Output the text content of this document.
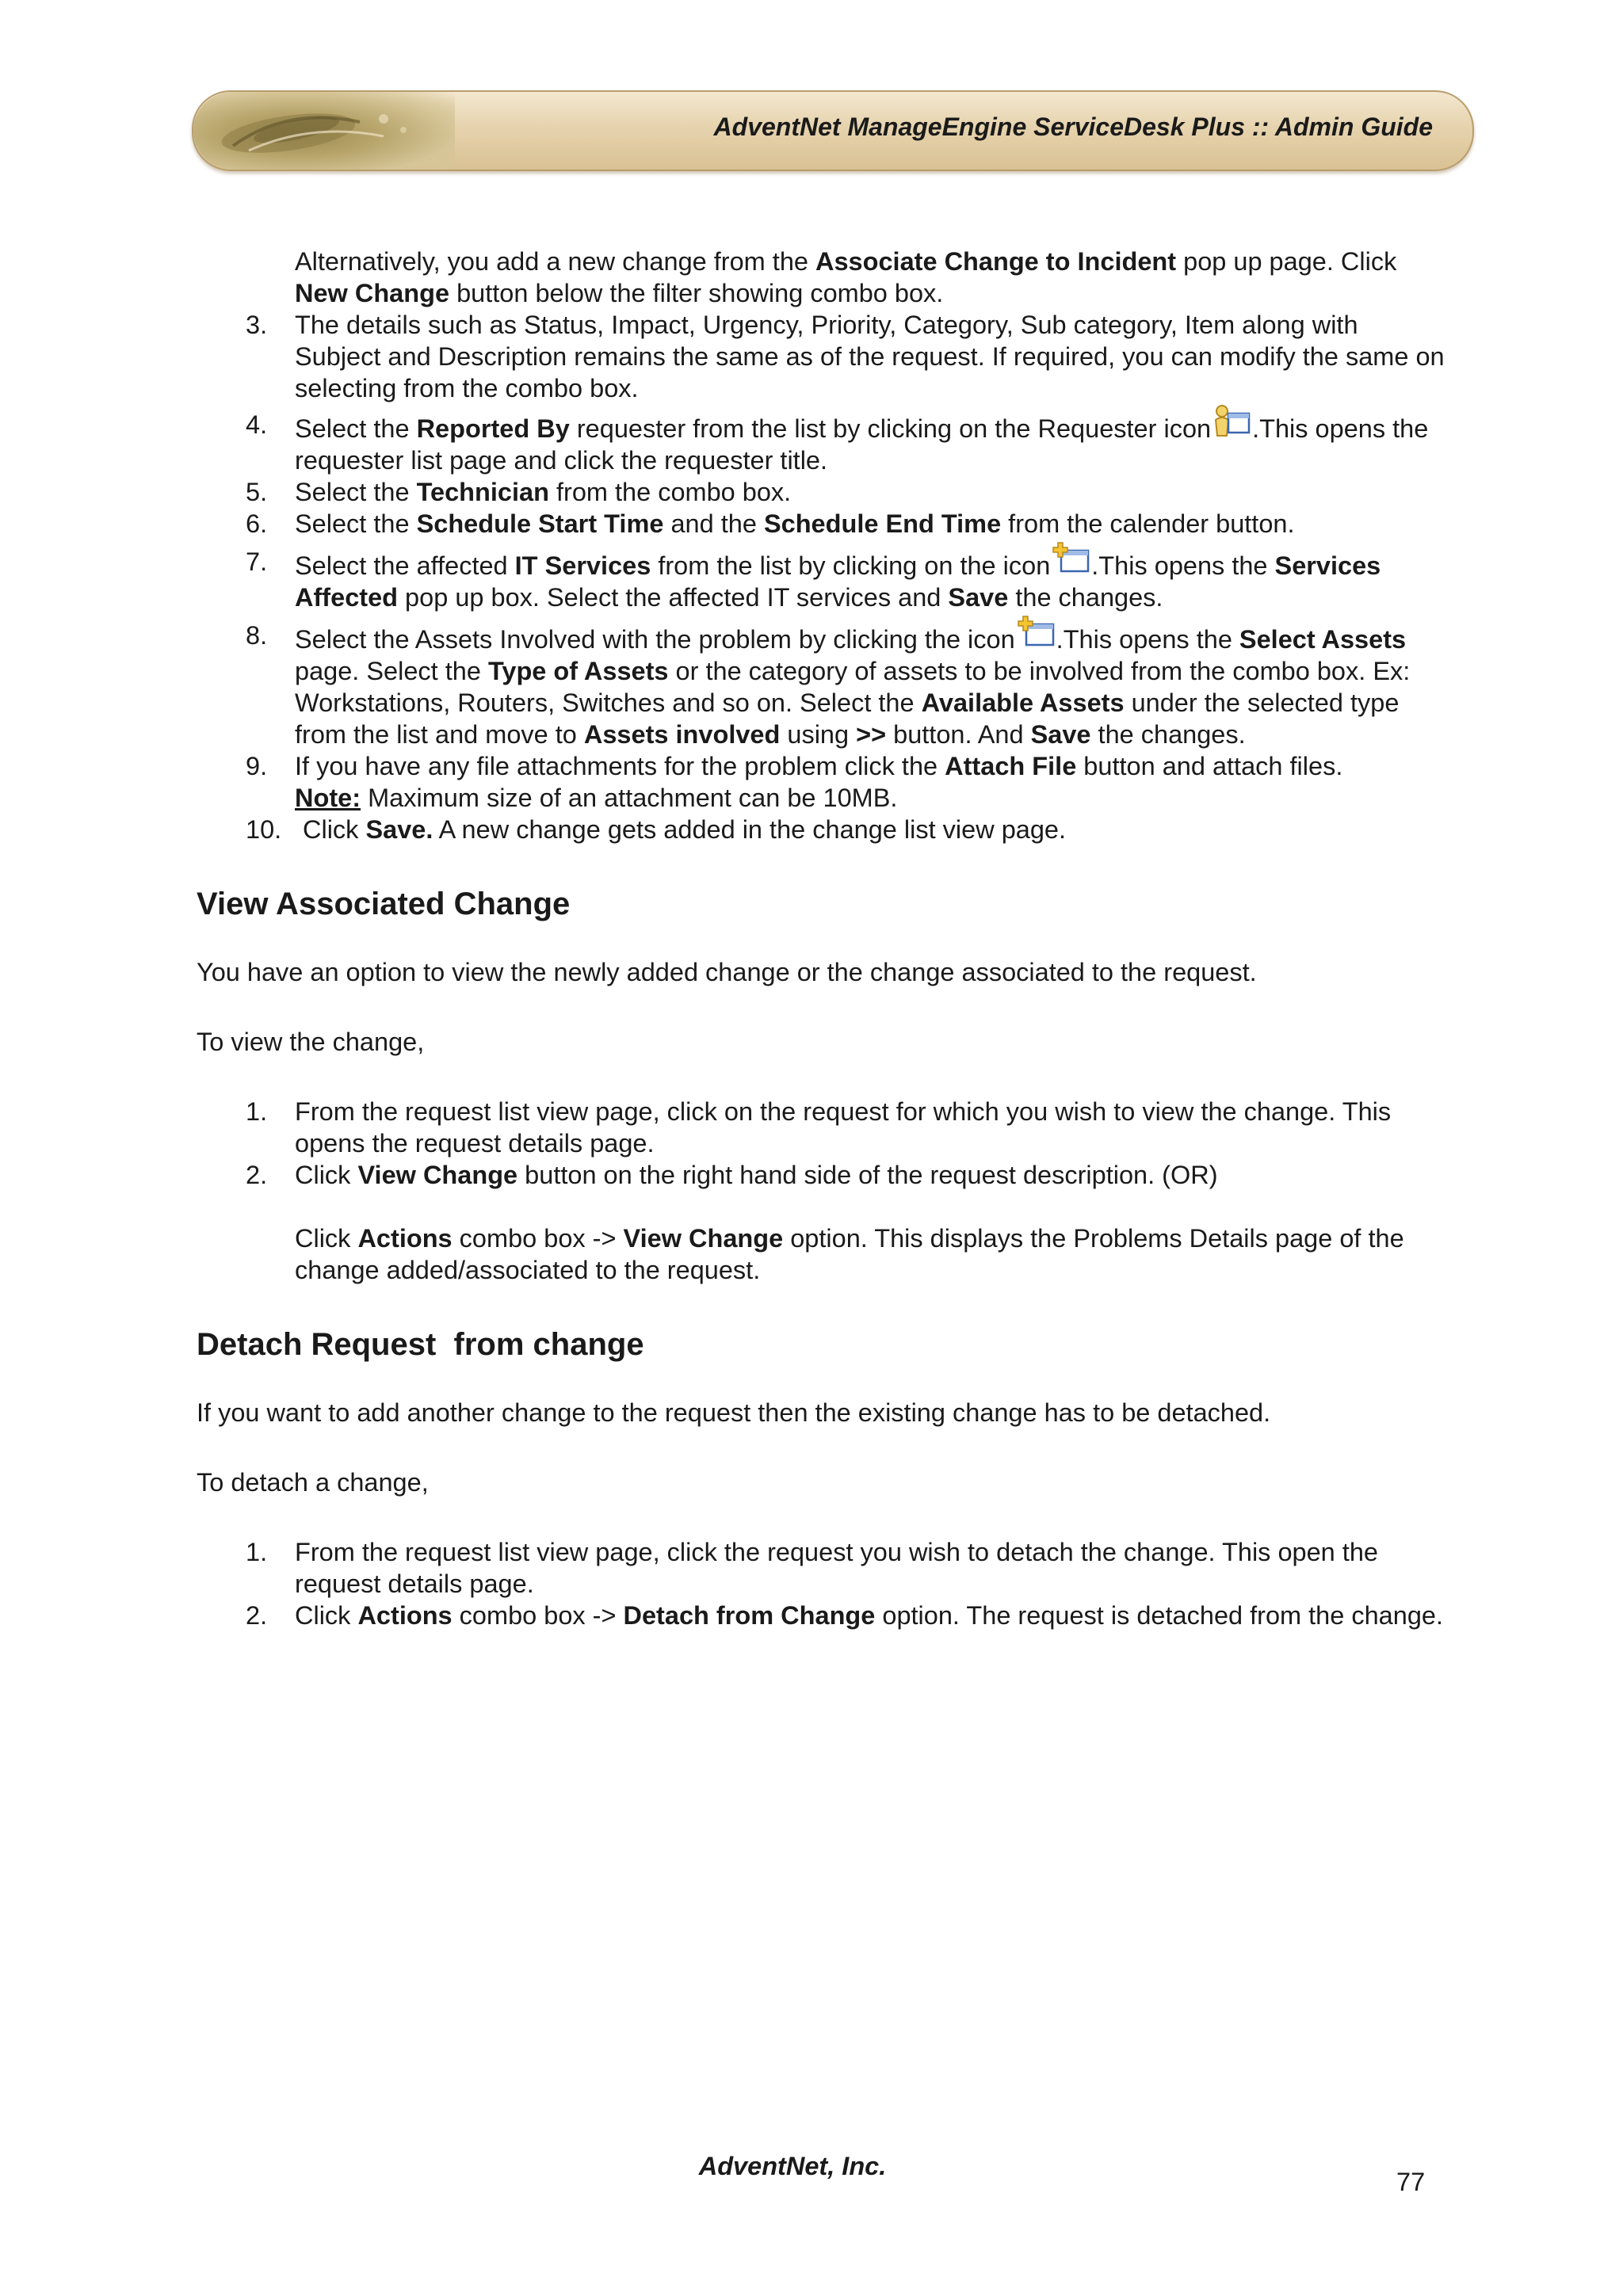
AdventNet ManageEngine ServiceDesk Plus :: Admin Guide
Alternatively, you add a new change from the Associate Change to Incident pop up page. Click New Change button below the filter showing combo box.
3. The details such as Status, Impact, Urgency, Priority, Category, Sub category, Item along with Subject and Description remains the same as of the request. If required, you can modify the same on selecting from the combo box.
4. Select the Reported By requester from the list by clicking on the Requester icon .This opens the requester list page and click the requester title.
5. Select the Technician from the combo box.
6. Select the Schedule Start Time and the Schedule End Time from the calender button.
7. Select the affected IT Services from the list by clicking on the icon .This opens the Services Affected pop up box. Select the affected IT services and Save the changes.
8. Select the Assets Involved with the problem by clicking the icon .This opens the Select Assets page. Select the Type of Assets or the category of assets to be involved from the combo box. Ex: Workstations, Routers, Switches and so on. Select the Available Assets under the selected type from the list and move to Assets involved using >> button. And Save the changes.
9. If you have any file attachments for the problem click the Attach File button and attach files.
Note: Maximum size of an attachment can be 10MB.
10. Click Save. A new change gets added in the change list view page.
View Associated Change
You have an option to view the newly added change or the change associated to the request.
To view the change,
1. From the request list view page, click on the request for which you wish to view the change. This opens the request details page.
2. Click View Change button on the right hand side of the request description. (OR)
Click Actions combo box -> View Change option. This displays the Problems Details page of the change added/associated to the request.
Detach Request  from change
If you want to add another change to the request then the existing change has to be detached.
To detach a change,
1. From the request list view page, click the request you wish to detach the change. This open the request details page.
2. Click Actions combo box -> Detach from Change option. The request is detached from the change.
AdventNet, Inc.
77
